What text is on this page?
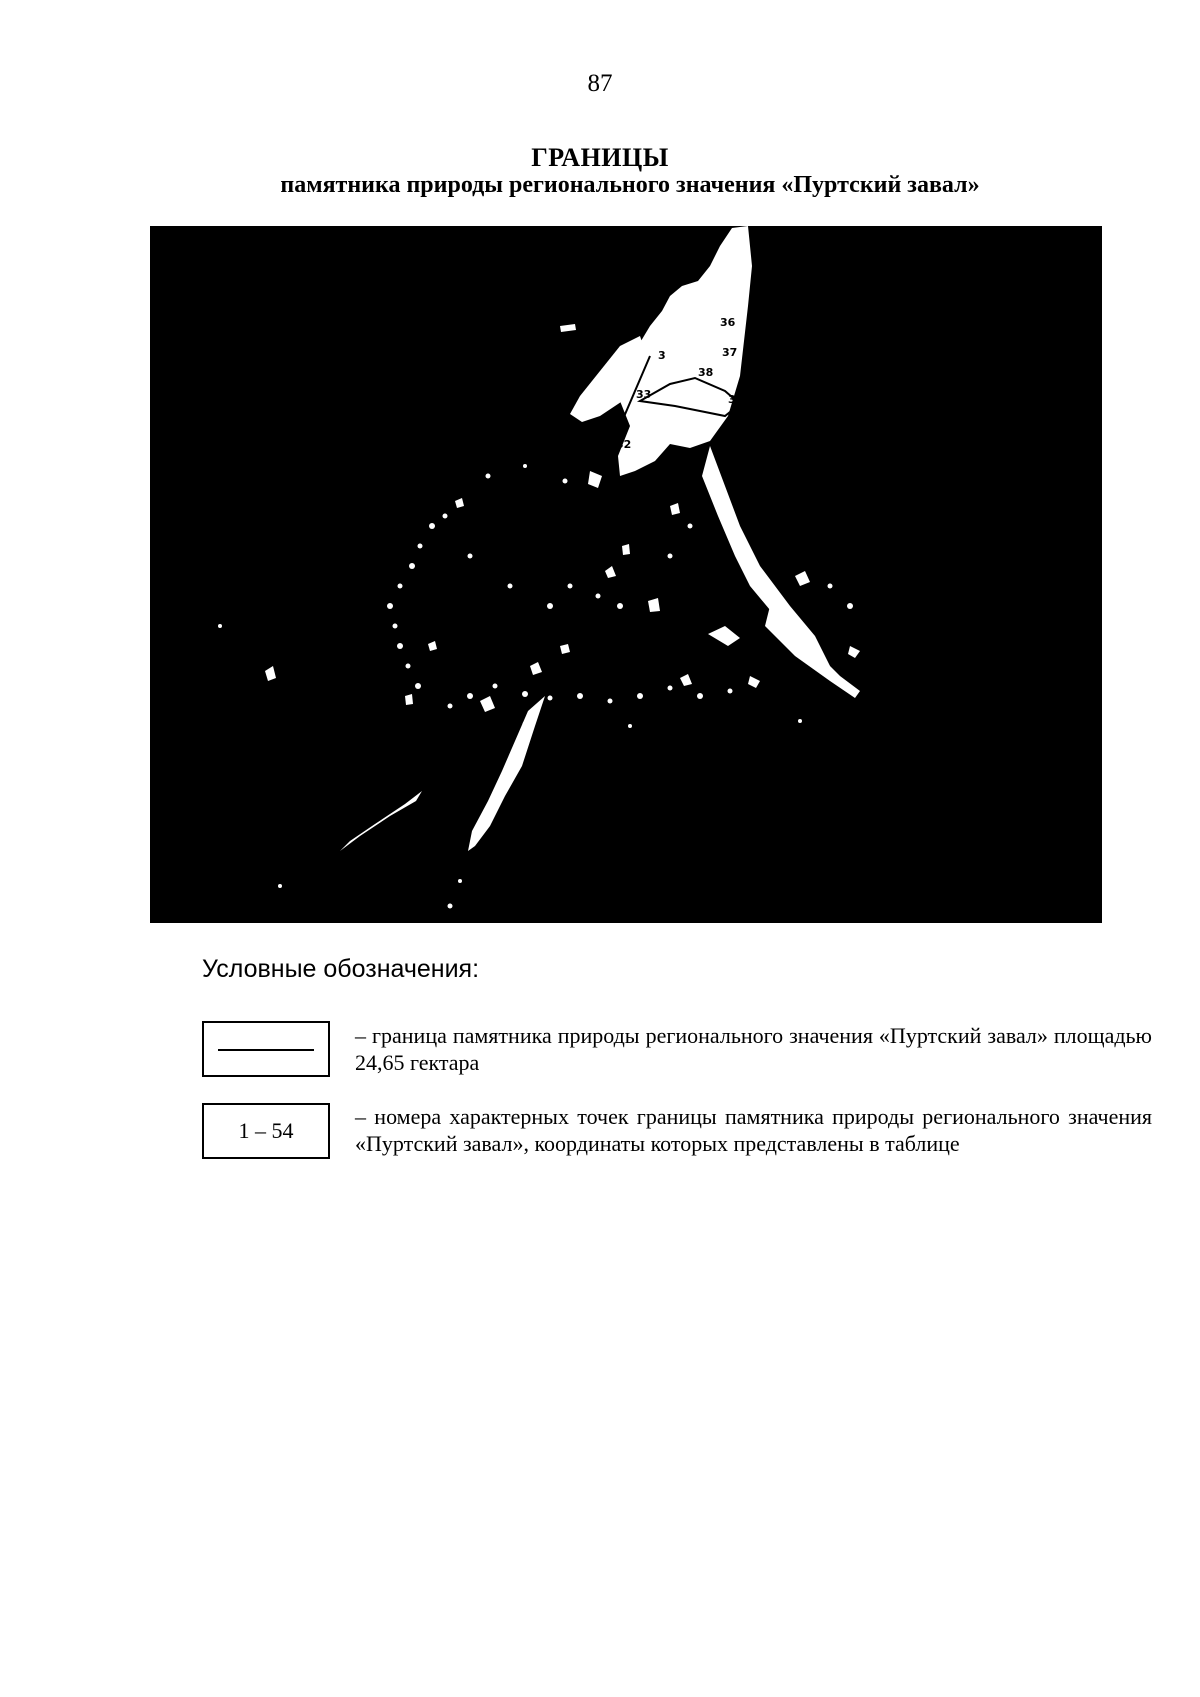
87
ГРАНИЦЫ
памятника природы регионального значения «Пуртский завал»
36
37
38
39
33
32
3
Условные обозначения:
– граница памятника природы регионального значения «Пуртский завал» площадью 24,65 гектара
1 – 54
– номера характерных точек границы памятника природы регионального значения «Пуртский завал», координаты которых представлены в таблице
